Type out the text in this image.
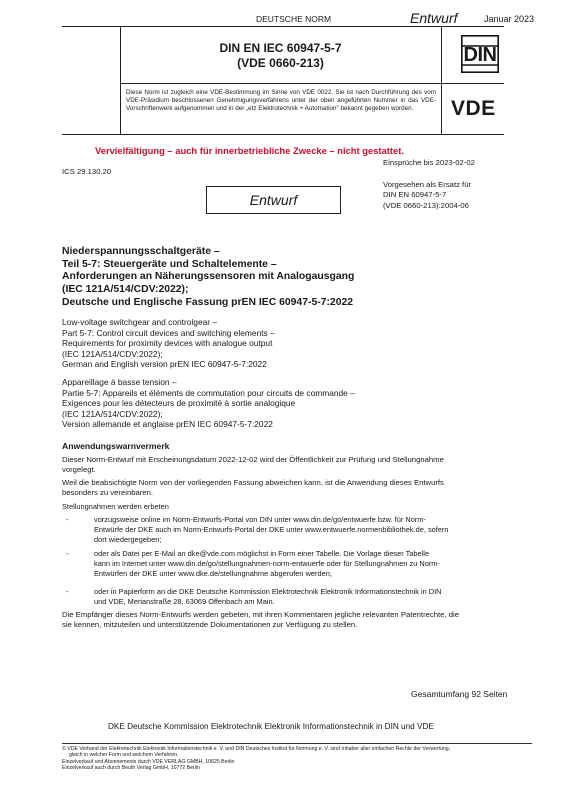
DEUTSCHE NORM	Entwurf	Januar 2023
DIN EN IEC 60947-5-7
(VDE 0660-213)	DIN
Diese Norm ist zugleich eine VDE-Bestimmung im Sinne von VDE 0022. Sie ist nach Durchführung des vom VDE-Präsidium beschlossenen Genehmigungsverfahrens unter der oben angeführten Nummer in das VDE-Vorschriftenwerk aufgenommen und in der „etz Elektrotechnik + Automation" bekannt gegeben worden.	VDE
Vervielfältigung – auch für innerbetriebliche Zwecke – nicht gestattet.
Einsprüche bis 2023-02-02
ICS 29.130.20
Vorgesehen als Ersatz für
DIN EN 60947-5-7
(VDE 0660-213):2004-06
Entwurf
Niederspannungsschaltgeräte –
Teil 5-7: Steuergeräte und Schaltelemente –
Anforderungen an Näherungssensoren mit Analogausgang
(IEC 121A/514/CDV:2022);
Deutsche und Englische Fassung prEN IEC 60947-5-7:2022
Low-voltage switchgear and controlgear –
Part 5-7: Control circuit devices and switching elements –
Requirements for proximity devices with analogue output
(IEC 121A/514/CDV:2022);
German and English version prEN IEC 60947-5-7:2022
Appareillage à basse tension –
Partie 5-7: Appareils et éléments de commutation pour circuits de commande –
Exigences pour les détecteurs de proximité à sortie analogique
(IEC 121A/514/CDV:2022);
Version allemande et anglaise prEN IEC 60947-5-7:2022
Anwendungswarnvermerk
Dieser Norm-Entwurf mit Erscheinungsdatum 2022-12-02 wird der Öffentlichkeit zur Prüfung und Stellungnahme
vorgelegt.
Weil die beabsichtigte Norm von der vorliegenden Fassung abweichen kann, ist die Anwendung dieses Entwurfs
besonders zu vereinbaren.
Stellungnahmen werden erbeten
-	vorzugsweise online im Norm-Entwurfs-Portal von DIN unter www.din.de/go/entwuerfe bzw. für Norm-
Entwürfe der DKE auch im Norm-Entwurfs-Portal der DKE unter www.entwuerfe.normenbibliothek.de, sofern
dort wiedergegeben;
-	oder als Datei per E-Mail an dke@vde.com möglichst in Form einer Tabelle. Die Vorlage dieser Tabelle
kann im Internet unter www.din.de/go/stellungnahmen-norm-entwuerfe oder für Stellungnahmen zu Norm-
Entwürfen der DKE unter www.dke.de/stellungnahme abgerufen werden;
-	oder in Papierform an die DKE Deutsche Kommission Elektrotechnik Elektronik Informationstechnik in DIN
und VDE, Merianstraße 28, 63069 Offenbach am Main.
Die Empfänger dieses Norm-Entwurfs werden gebeten, mit ihren Kommentaren jegliche relevanten Patentrechte, die
sie kennen, mitzuteilen und unterstützende Dokumentationen zur Verfügung zu stellen.
Gesamtumfang 92 Seiten
DKE Deutsche Kommission Elektrotechnik Elektronik Informationstechnik in DIN und VDE
© VDE Verband der Elektrotechnik Elektronik Informationstechnik e. V. und DIN Deutsches Institut für Normung e. V. sind Inhaber aller einfachen Rechte der Verwertung,
gleich in welcher Form und welchem Verfahren.
Einzelverkauf und Abonnements durch VDE VERLAG GMBH, 10625 Berlin
Einzelverkauf auch durch Beuth Verlag GmbH, 10772 Berlin
